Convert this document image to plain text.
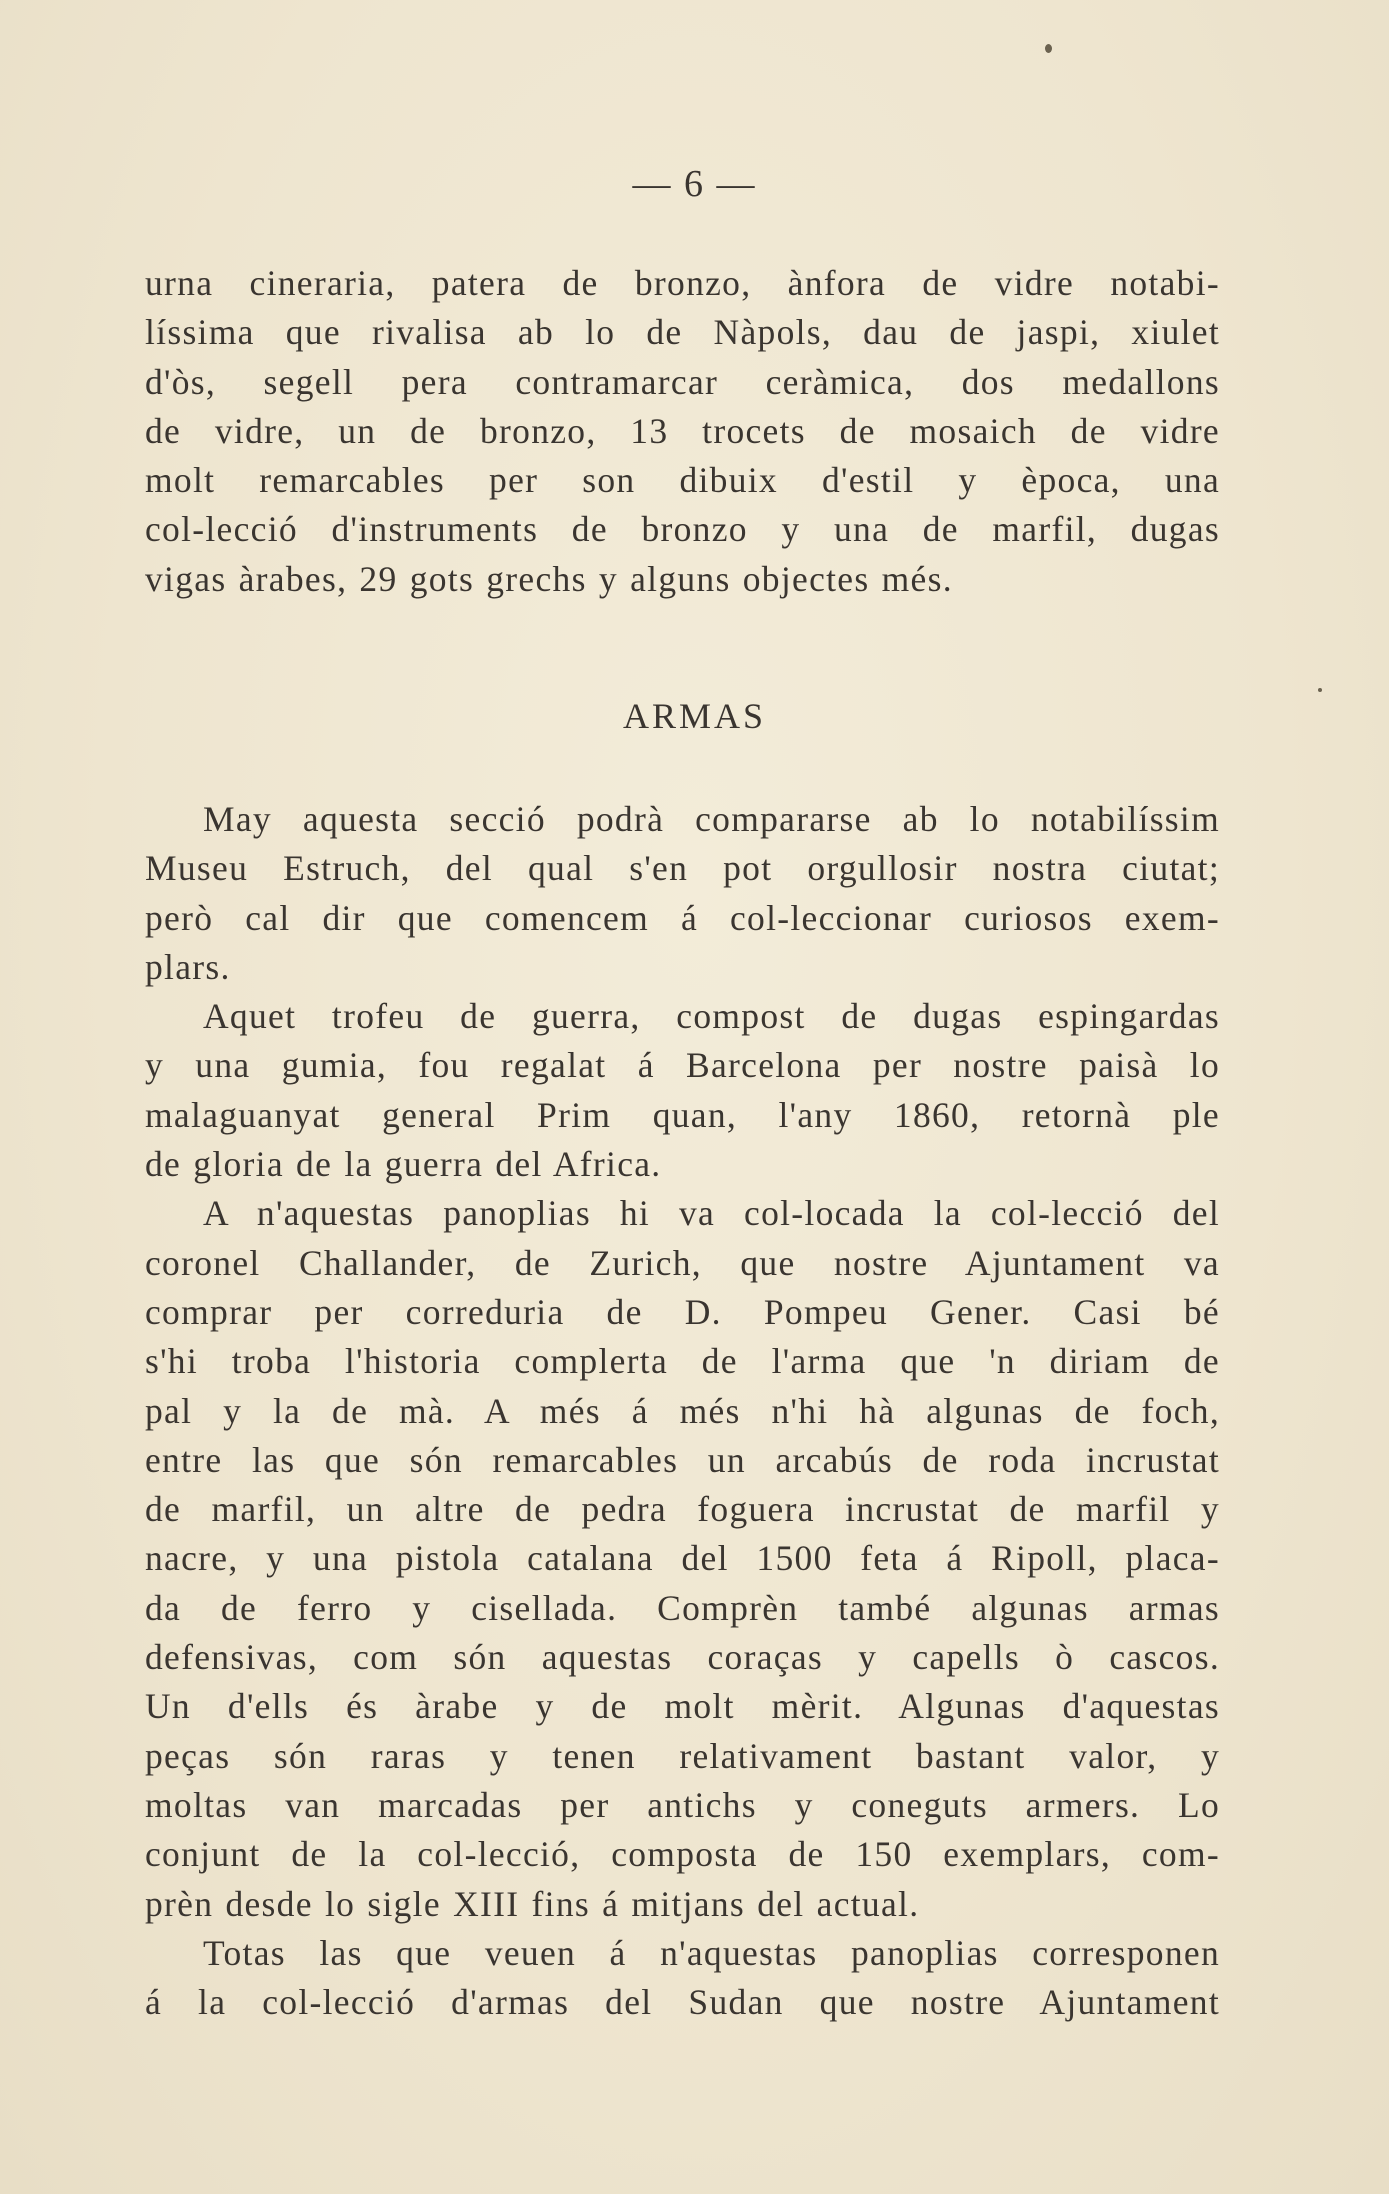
— 6 —
urna cineraria, patera de bronzo, ànfora de vidre notabi-
líssima que rivalisa ab lo de Nàpols, dau de jaspi, xiulet
d'òs, segell pera contramarcar ceràmica, dos medallons
de vidre, un de bronzo, 13 trocets de mosaich de vidre
molt remarcables per son dibuix d'estil y època, una
col-lecció d'instruments de bronzo y una de marfil, dugas
vigas àrabes, 29 gots grechs y alguns objectes més.
ARMAS
May aquesta secció podrà compararse ab lo notabilíssim
Museu Estruch, del qual s'en pot orgullosir nostra ciutat;
però cal dir que comencem á col-leccionar curiosos exem-
plars.
Aquet trofeu de guerra, compost de dugas espingardas
y una gumia, fou regalat á Barcelona per nostre paisà lo
malaguanyat general Prim quan, l'any 1860, retornà ple
de gloria de la guerra del Africa.
A n'aquestas panoplias hi va col-locada la col-lecció del
coronel Challander, de Zurich, que nostre Ajuntament va
comprar per correduria de D. Pompeu Gener. Casi bé
s'hi troba l'historia complerta de l'arma que 'n diriam de
pal y la de mà. A més á més n'hi hà algunas de foch,
entre las que són remarcables un arcabús de roda incrustat
de marfil, un altre de pedra foguera incrustat de marfil y
nacre, y una pistola catalana del 1500 feta á Ripoll, placa-
da de ferro y cisellada. Comprèn també algunas armas
defensivas, com són aquestas coraças y capells ò cascos.
Un d'ells és àrabe y de molt mèrit. Algunas d'aquestas
peças són raras y tenen relativament bastant valor, y
moltas van marcadas per antichs y coneguts armers. Lo
conjunt de la col-lecció, composta de 150 exemplars, com-
prèn desde lo sigle XIII fins á mitjans del actual.
Totas las que veuen á n'aquestas panoplias corresponen
á la col-lecció d'armas del Sudan que nostre Ajuntament
